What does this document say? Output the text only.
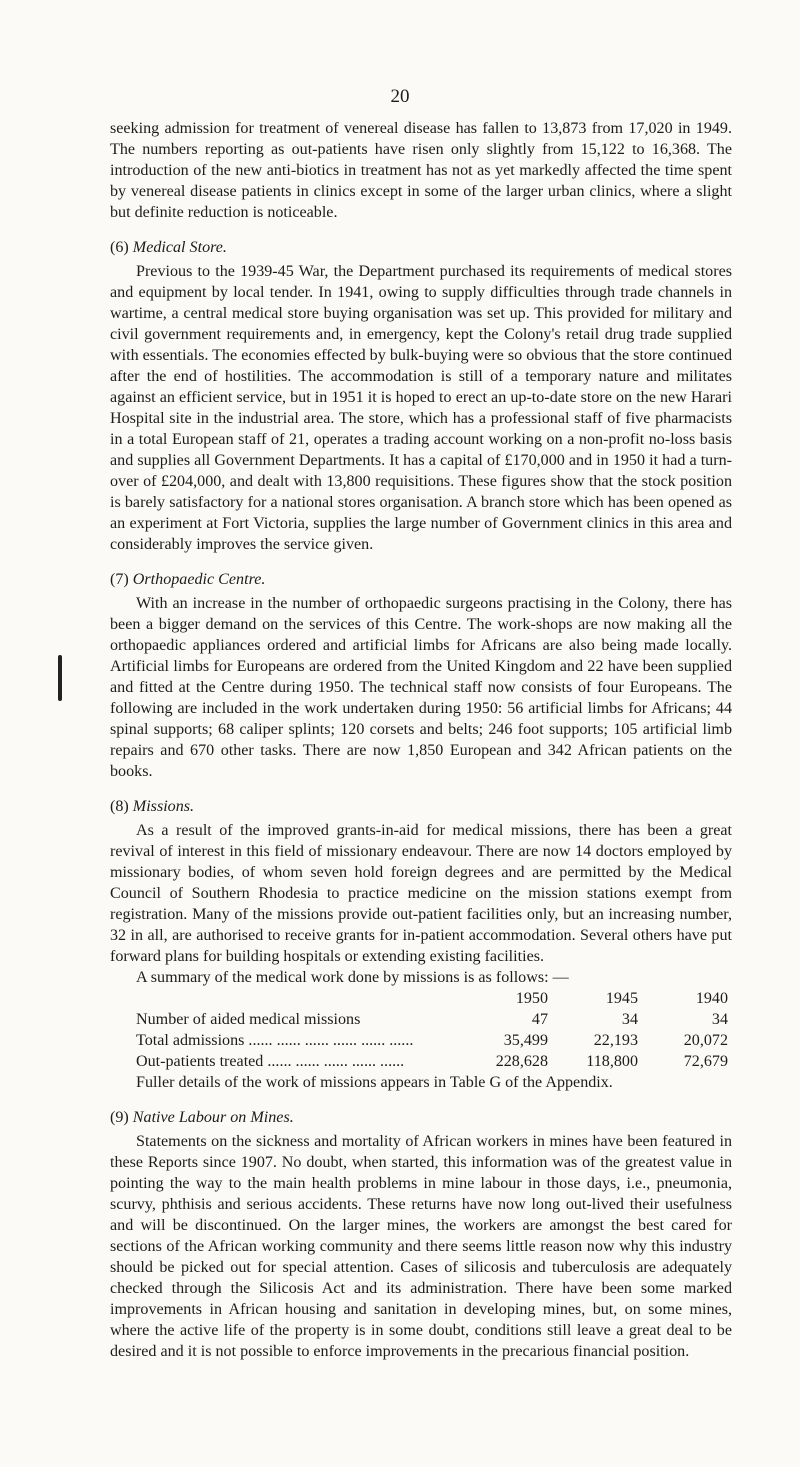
20

seeking admission for treatment of venereal disease has fallen to 13,873 from 17,020 in 1949. The numbers reporting as out-patients have risen only slightly from 15,122 to 16,368. The introduction of the new anti-biotics in treatment has not as yet markedly affected the time spent by venereal disease patients in clinics except in some of the larger urban clinics, where a slight but definite reduction is noticeable.

(6) Medical Store.

Previous to the 1939-45 War, the Department purchased its requirements of medical stores and equipment by local tender. In 1941, owing to supply difficulties through trade channels in wartime, a central medical store buying organisation was set up. This provided for military and civil government requirements and, in emergency, kept the Colony's retail drug trade supplied with essentials. The economies effected by bulk-buying were so obvious that the store continued after the end of hostilities. The accommodation is still of a temporary nature and militates against an efficient service, but in 1951 it is hoped to erect an up-to-date store on the new Harari Hospital site in the industrial area. The store, which has a professional staff of five pharmacists in a total European staff of 21, operates a trading account working on a non-profit no-loss basis and supplies all Government Departments. It has a capital of £170,000 and in 1950 it had a turn-over of £204,000, and dealt with 13,800 requisitions. These figures show that the stock position is barely satisfactory for a national stores organisation. A branch store which has been opened as an experiment at Fort Victoria, supplies the large number of Government clinics in this area and considerably improves the service given.

(7) Orthopaedic Centre.

With an increase in the number of orthopaedic surgeons practising in the Colony, there has been a bigger demand on the services of this Centre. The work-shops are now making all the orthopaedic appliances ordered and artificial limbs for Africans are also being made locally. Artificial limbs for Europeans are ordered from the United Kingdom and 22 have been supplied and fitted at the Centre during 1950. The technical staff now consists of four Europeans. The following are included in the work undertaken during 1950: 56 artificial limbs for Africans; 44 spinal supports; 68 caliper splints; 120 corsets and belts; 246 foot supports; 105 artificial limb repairs and 670 other tasks. There are now 1,850 European and 342 African patients on the books.

(8) Missions.

As a result of the improved grants-in-aid for medical missions, there has been a great revival of interest in this field of missionary endeavour. There are now 14 doctors employed by missionary bodies, of whom seven hold foreign degrees and are permitted by the Medical Council of Southern Rhodesia to practice medicine on the mission stations exempt from registration. Many of the missions provide out-patient facilities only, but an increasing number, 32 in all, are authorised to receive grants for in-patient accommodation. Several others have put forward plans for building hospitals or extending existing facilities.

A summary of the medical work done by missions is as follows: —

	1950	1945	1940
Number of aided medical missions	47	34	34
Total admissions ...... ...... ...... ...... ...... ......	35,499	22,193	20,072
Out-patients treated ...... ...... ...... ...... ......	228,628	118,800	72,679

Fuller details of the work of missions appears in Table G of the Appendix.

(9) Native Labour on Mines.

Statements on the sickness and mortality of African workers in mines have been featured in these Reports since 1907. No doubt, when started, this information was of the greatest value in pointing the way to the main health problems in mine labour in those days, i.e., pneumonia, scurvy, phthisis and serious accidents. These returns have now long out-lived their usefulness and will be discontinued. On the larger mines, the workers are amongst the best cared for sections of the African working community and there seems little reason now why this industry should be picked out for special attention. Cases of silicosis and tuberculosis are adequately checked through the Silicosis Act and its administration. There have been some marked improvements in African housing and sanitation in developing mines, but, on some mines, where the active life of the property is in some doubt, conditions still leave a great deal to be desired and it is not possible to enforce improvements in the precarious financial position.
